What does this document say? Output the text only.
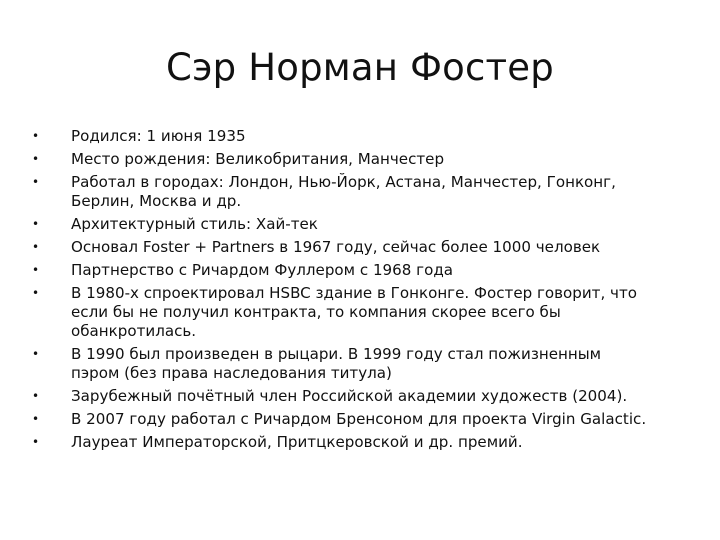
Сэр Норман Фостер
•	Родился: 1 июня 1935
•	Место рождения: Великобритания, Манчестер
•	Работал в городах: Лондон, Нью-Йорк, Астана, Манчестер, Гонконг,
Берлин, Москва и др.
•	Архитектурный стиль: Хай-тек
•	Основал Foster + Partners в 1967 году, сейчас более 1000 человек
•	Партнерство с Ричардом Фуллером с 1968 года
•	В 1980-х спроектировал HSBC здание в Гонконге. Фостер говорит, что
если бы не получил контракта, то компания скорее всего бы
обанкротилась.
•	В 1990 был произведен в рыцари. В 1999 году стал пожизненным
пэром (без права наследования титула)
•	Зарубежный почётный член Российской академии художеств (2004).
•	В 2007 году работал с Ричардом Бренсоном для проекта Virgin Galactic.
•	Лауреат Императорской, Притцкеровской и др. премий.
